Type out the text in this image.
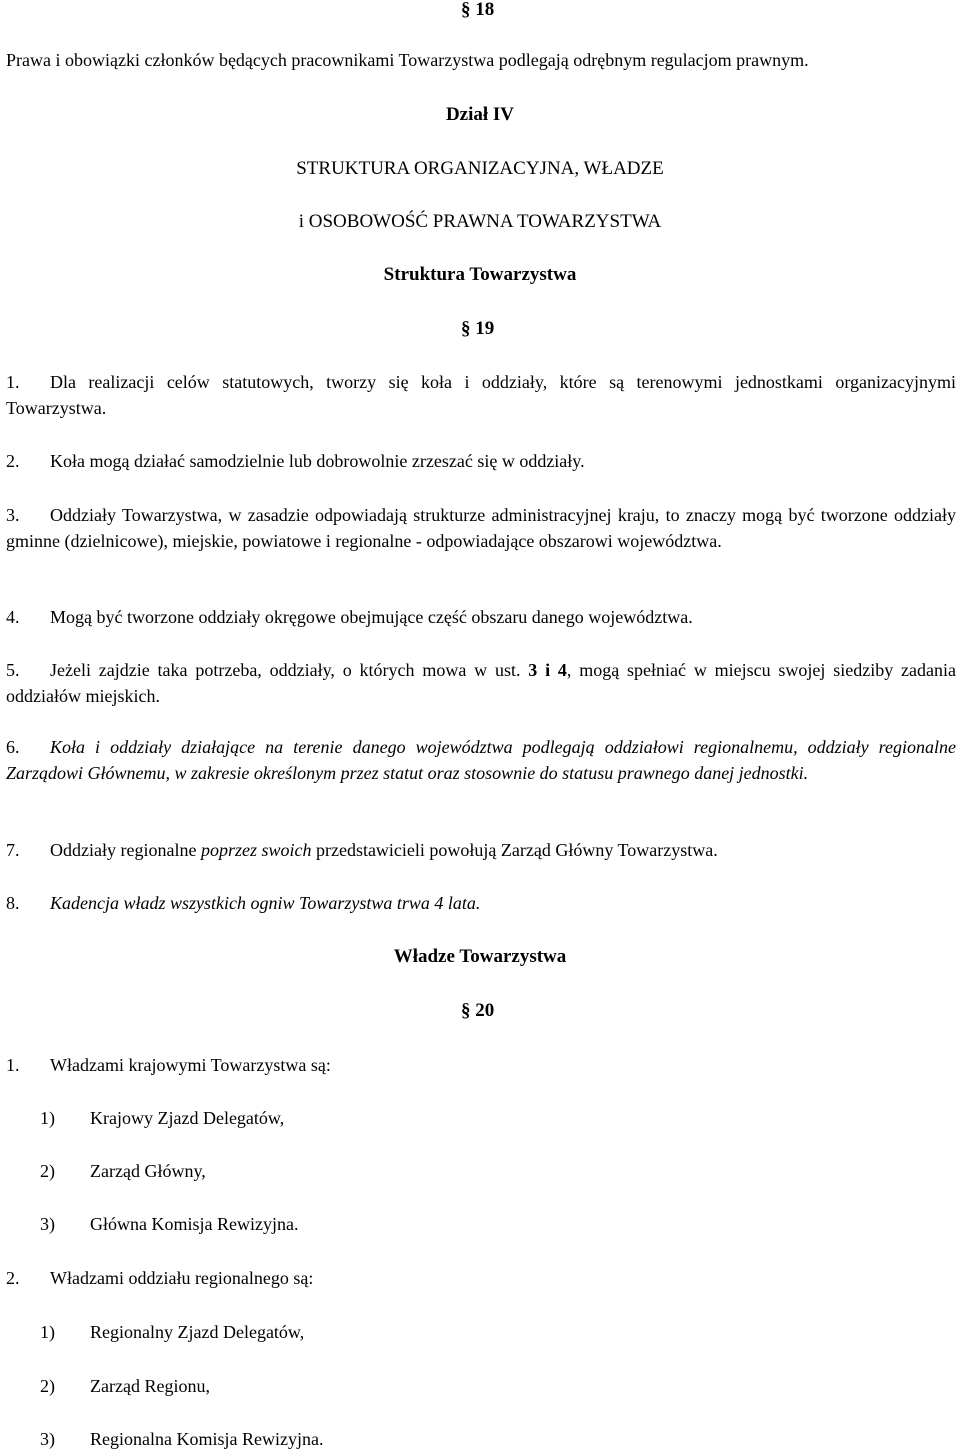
§ 18
Prawa i obowiązki członków będących pracownikami Towarzystwa podlegają odrębnym regulacjom prawnym.
Dział IV
STRUKTURA ORGANIZACYJNA, WŁADZE
i OSOBOWOŚĆ PRAWNA TOWARZYSTWA
Struktura Towarzystwa
§ 19
1. Dla realizacji celów statutowych, tworzy się koła i oddziały, które są terenowymi jednostkami organizacyjnymi Towarzystwa.
2. Koła mogą działać samodzielnie lub dobrowolnie zrzeszać się w oddziały.
3. Oddziały Towarzystwa, w zasadzie odpowiadają strukturze administracyjnej kraju, to znaczy mogą być tworzone oddziały gminne (dzielnicowe), miejskie, powiatowe i regionalne - odpowiadające obszarowi województwa.
4. Mogą być tworzone oddziały okręgowe obejmujące część obszaru danego województwa.
5. Jeżeli zajdzie taka potrzeba, oddziały, o których mowa w ust. 3 i 4, mogą spełniać w miejscu swojej siedziby zadania oddziałów miejskich.
6. Koła i oddziały działające na terenie danego województwa podlegają oddziałowi regionalnemu, oddziały regionalne Zarządowi Głównemu, w zakresie określonym przez statut oraz stosownie do statusu prawnego danej jednostki.
7. Oddziały regionalne poprzez swoich przedstawicieli powołują Zarząd Główny Towarzystwa.
8. Kadencja władz wszystkich ogniw Towarzystwa trwa 4 lata.
Władze Towarzystwa
§ 20
1. Władzami krajowymi Towarzystwa są:
1) Krajowy Zjazd Delegatów,
2) Zarząd Główny,
3) Główna Komisja Rewizyjna.
2. Władzami oddziału regionalnego są:
1) Regionalny Zjazd Delegatów,
2) Zarząd Regionu,
3) Regionalna Komisja Rewizyjna.
